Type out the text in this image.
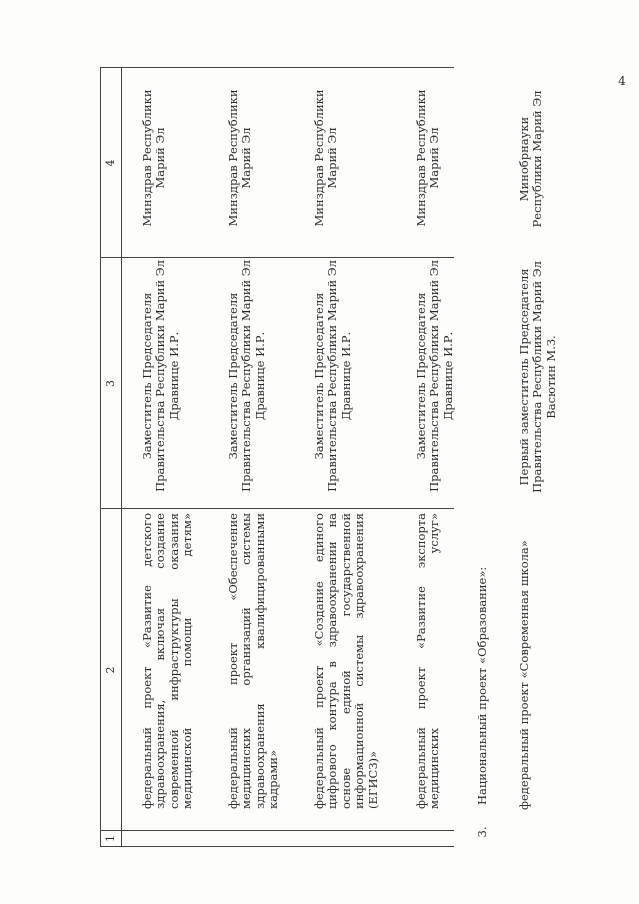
4
1
2
3
4
федеральный проект «Развитие детского здравоохранения, включая создание современной инфраструктуры оказания медицинской помощи детям»
Заместитель Председателя Правительства Республики Марий Эл Дравнице И.Р.
Минздрав Республики Марий Эл
федеральный проект «Обеспечение медицинских организаций системы здравоохранения квалифицированными кадрами»
Заместитель Председателя Правительства Республики Марий Эл Дравнице И.Р.
Минздрав Республики Марий Эл
федеральный проект «Создание единого цифрового контура в здравоохранении на основе единой государственной информационной системы здравоохранения (ЕГИСЗ)»
Заместитель Председателя Правительства Республики Марий Эл Дравнице И.Р.
Минздрав Республики Марий Эл
федеральный проект «Развитие экспорта медицинских услуг»
Заместитель Председателя Правительства Республики Марий Эл Дравнице И.Р.
Минздрав Республики Марий Эл
3.
Национальный проект «Образование»: федеральный проект «Современная школа»
Первый заместитель Председателя Правительства Республики Марий Эл Васютин М.З.
Минобрнауки Республики Марий Эл
